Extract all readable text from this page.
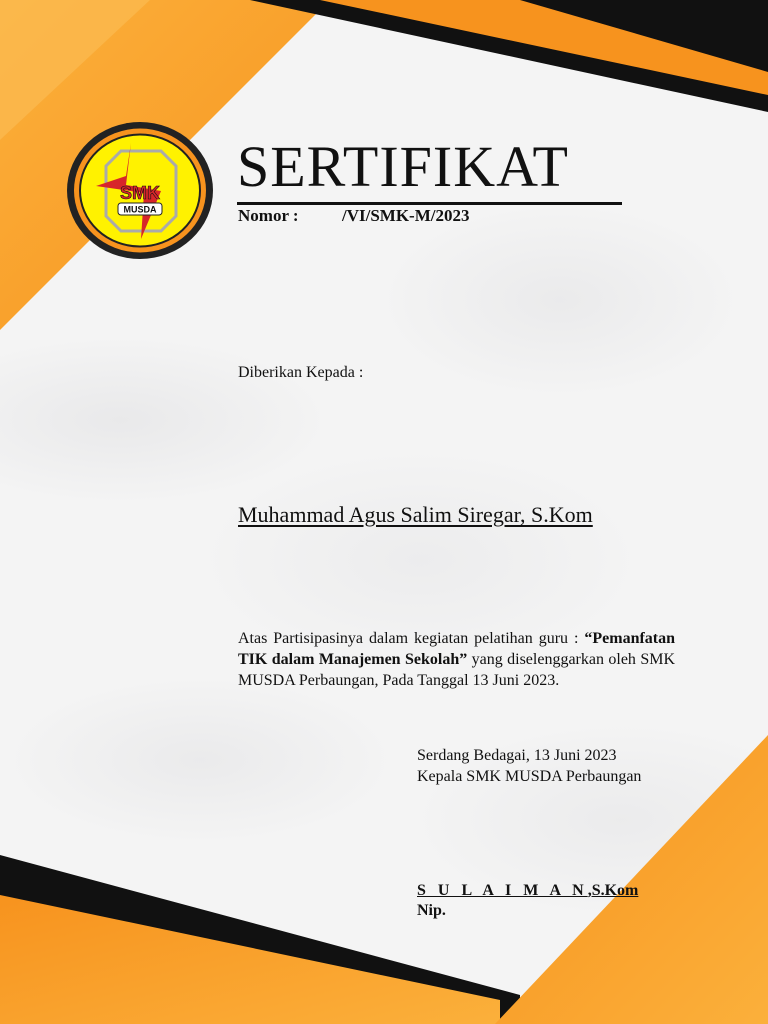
SMK
MUSDA
SERTIFIKAT
Nomor :	/VI/SMK-M/2023
Diberikan Kepada :
Muhammad Agus Salim Siregar, S.Kom

Atas Partisipasinya dalam kegiatan pelatihan guru : “Pemanfatan TIK dalam Manajemen Sekolah” yang diselenggarkan oleh SMK MUSDA Perbaungan, Pada Tanggal 13 Juni 2023.

Serdang Bedagai, 13 Juni 2023
Kepala SMK MUSDA Perbaungan
S U L A I M A N,S.Kom
Nip.
